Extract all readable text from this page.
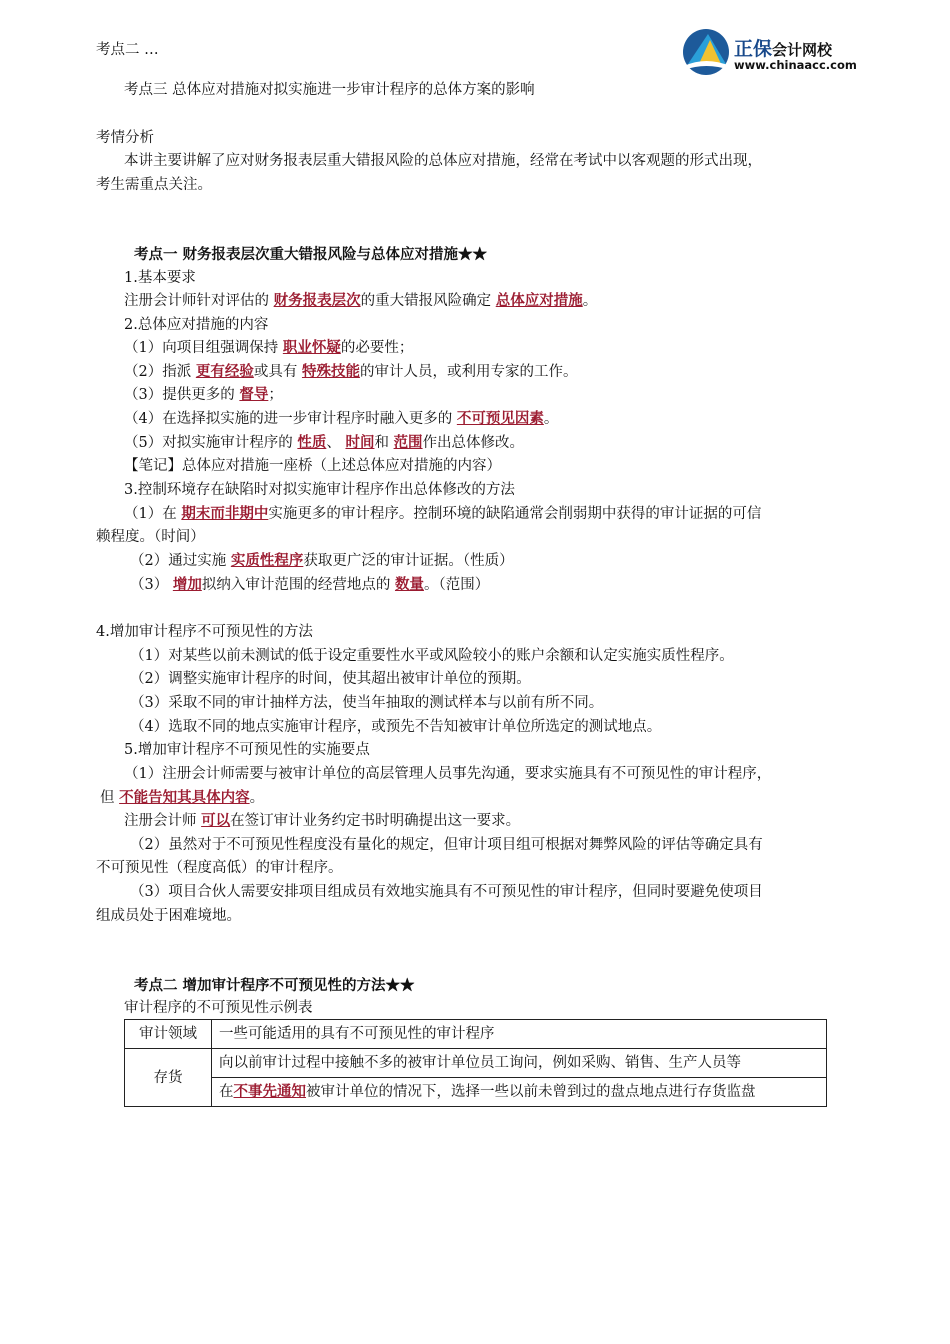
正保会计网校
www.chinaacc.com
考点二 …
考点三 总体应对措施对拟实施进一步审计程序的总体方案的影响
考情分析
本讲主要讲解了应对财务报表层重大错报风险的总体应对措施，经常在考试中以客观题的形式出现，
考生需重点关注。
考点一 财务报表层次重大错报风险与总体应对措施★★
1.基本要求
注册会计师针对评估的 财务报表层次的重大错报风险确定 总体应对措施。
2.总体应对措施的内容
（1）向项目组强调保持 职业怀疑的必要性；
（2）指派 更有经验或具有 特殊技能的审计人员，或利用专家的工作。
（3）提供更多的 督导；
（4）在选择拟实施的进一步审计程序时融入更多的 不可预见因素。
（5）对拟实施审计程序的 性质、 时间和 范围作出总体修改。
【笔记】总体应对措施一座桥（上述总体应对措施的内容）
3.控制环境存在缺陷时对拟实施审计程序作出总体修改的方法
（1）在 期末而非期中实施更多的审计程序。控制环境的缺陷通常会削弱期中获得的审计证据的可信
赖程度。（时间）
（2）通过实施 实质性程序获取更广泛的审计证据。（性质）
（3） 增加拟纳入审计范围的经营地点的 数量。（范围）
4.增加审计程序不可预见性的方法
（1）对某些以前未测试的低于设定重要性水平或风险较小的账户余额和认定实施实质性程序。
（2）调整实施审计程序的时间，使其超出被审计单位的预期。
（3）采取不同的审计抽样方法，使当年抽取的测试样本与以前有所不同。
（4）选取不同的地点实施审计程序，或预先不告知被审计单位所选定的测试地点。
5.增加审计程序不可预见性的实施要点
（1）注册会计师需要与被审计单位的高层管理人员事先沟通，要求实施具有不可预见性的审计程序，
但 不能告知其具体内容。
注册会计师 可以在签订审计业务约定书时明确提出这一要求。
（2）虽然对于不可预见性程度没有量化的规定，但审计项目组可根据对舞弊风险的评估等确定具有
不可预见性（程度高低）的审计程序。
（3）项目合伙人需要安排项目组成员有效地实施具有不可预见性的审计程序，但同时要避免使项目
组成员处于困难境地。
考点二 增加审计程序不可预见性的方法★★
审计程序的不可预见性示例表
审计领域	一些可能适用的具有不可预见性的审计程序
存货	向以前审计过程中接触不多的被审计单位员工询问，例如采购、销售、生产人员等
	在不事先通知被审计单位的情况下，选择一些以前未曾到过的盘点地点进行存货监盘
